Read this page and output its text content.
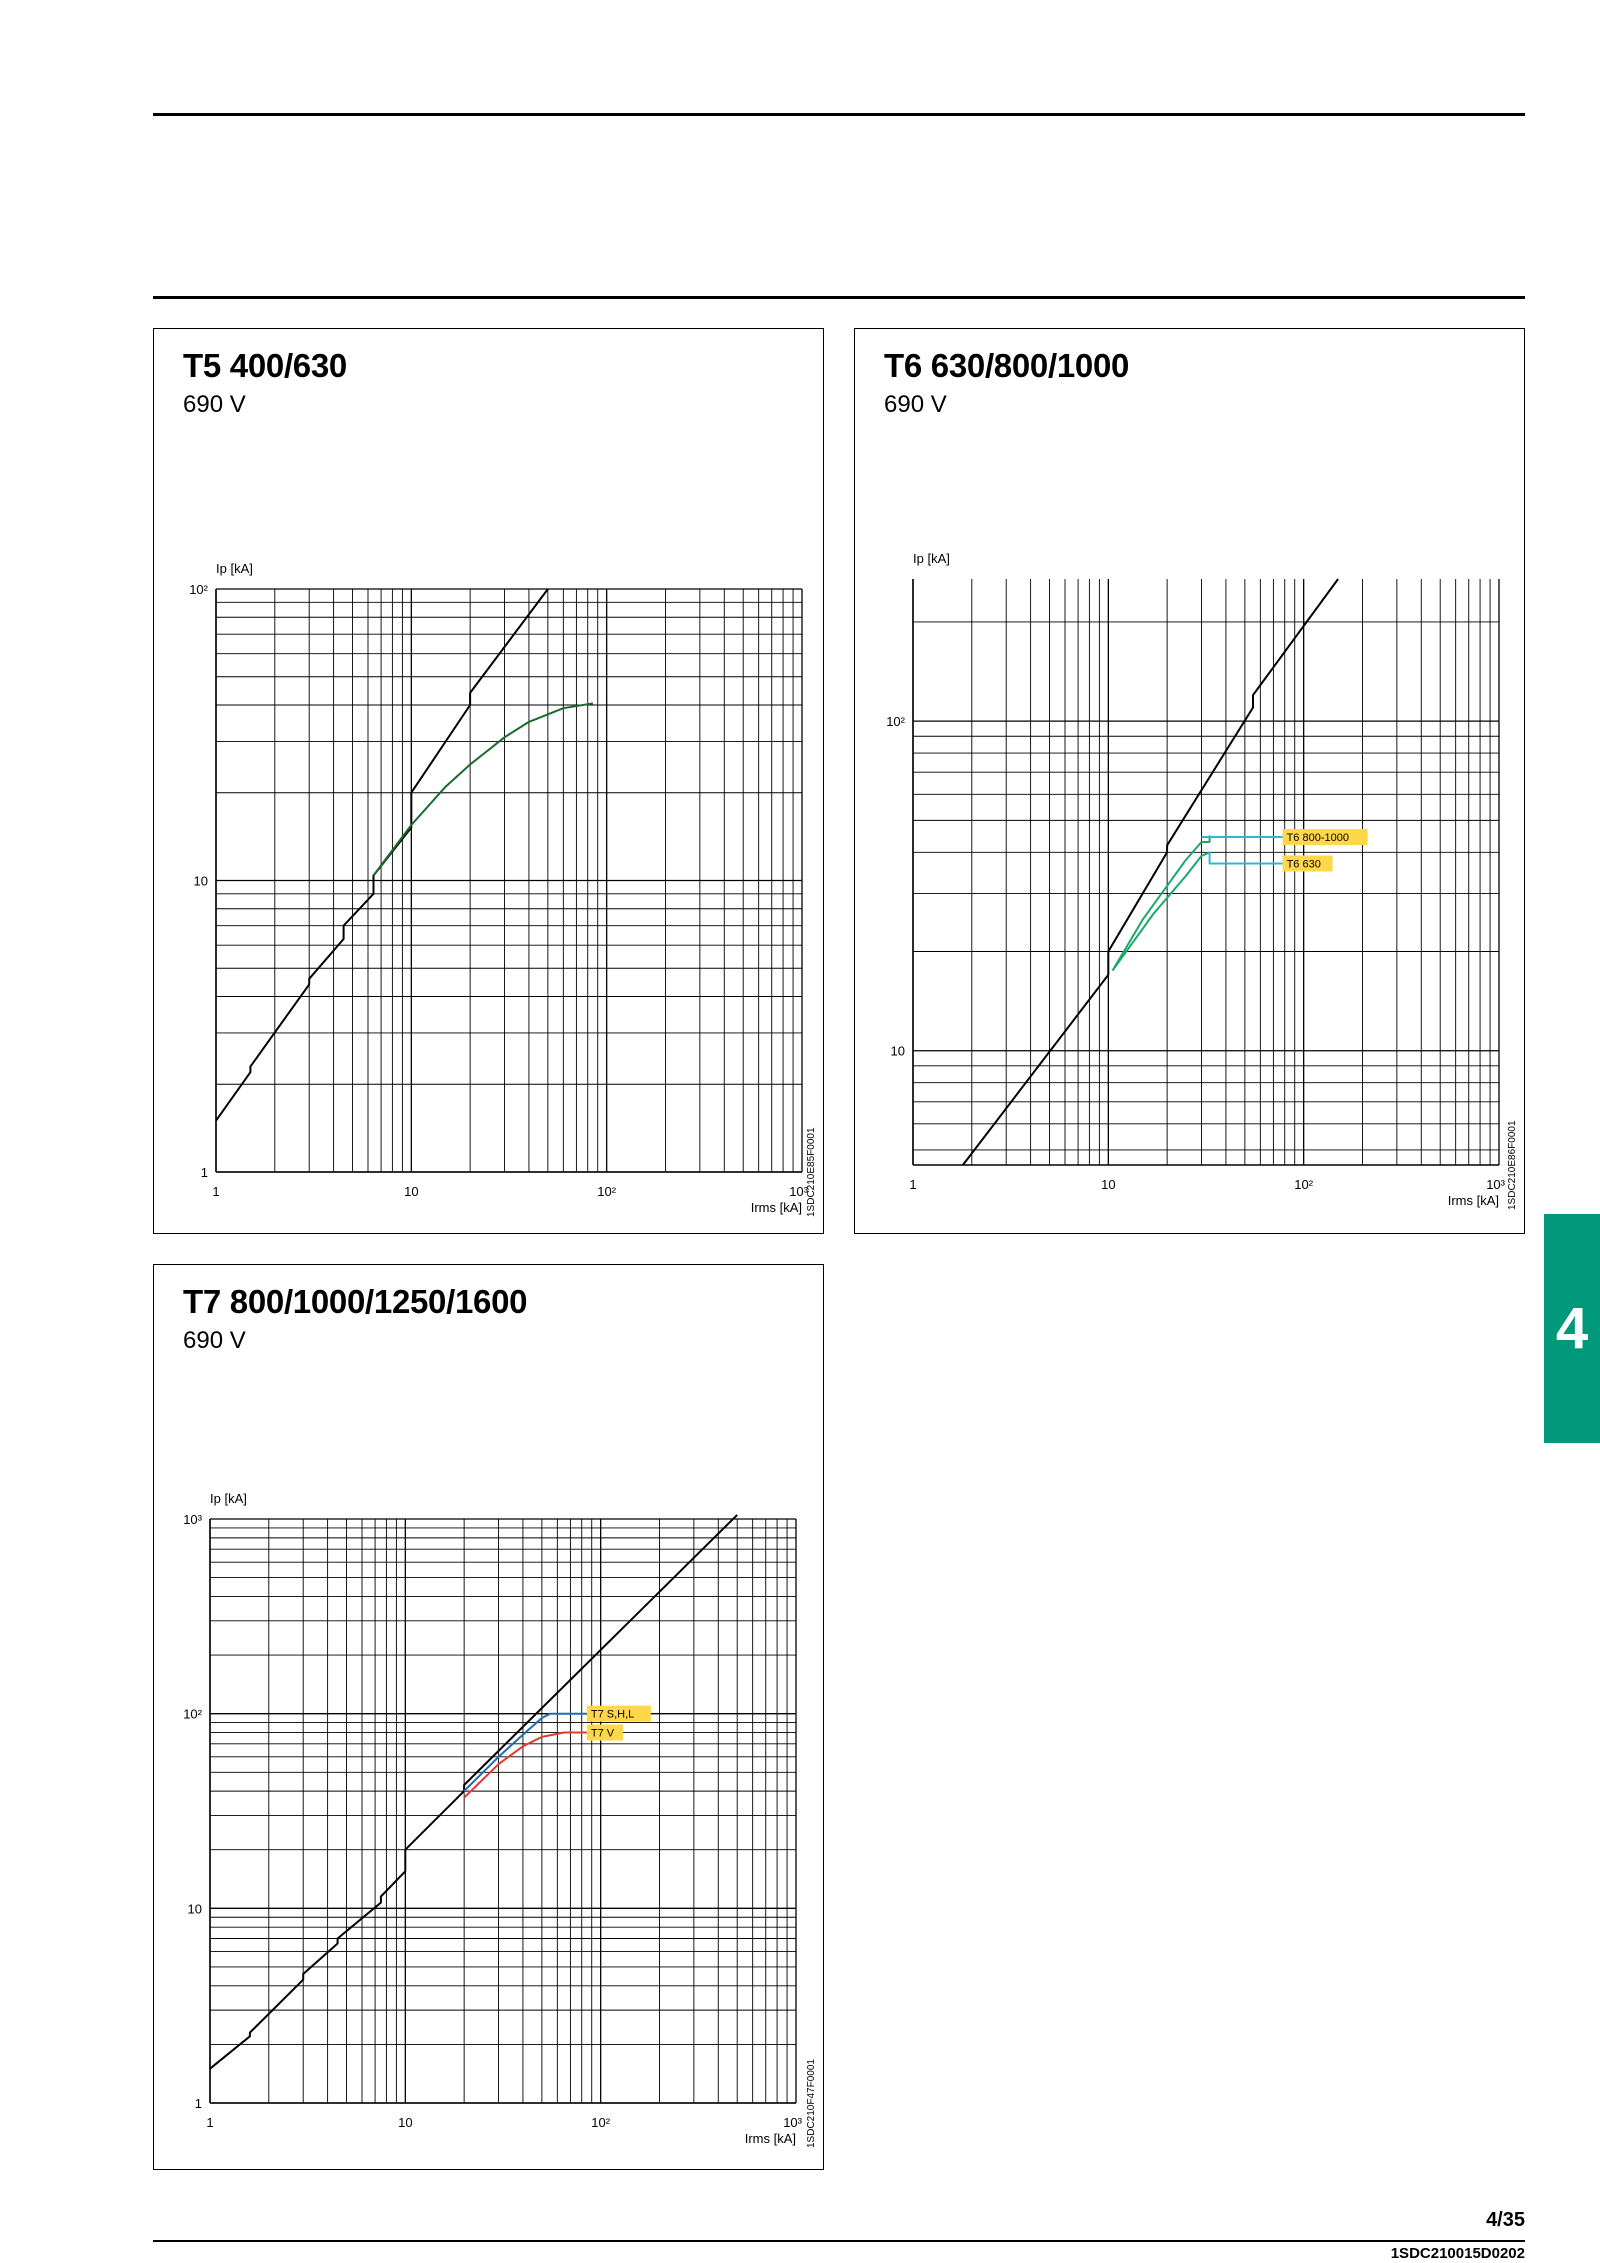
T5 400/630
690 V
1	10	10²	10³
1
10
10²
Ip [kA]
Irms [kA] 1SDC210E85F0001
T6 630/800/1000
690 V
1	10	10²	10³
10
10²
Ip [kA]
Irms [kA] 1SDC210E86F0001
T6 800-1000
T6 630
T7 800/1000/1250/1600
690 V
1	10	10²	10³
1
10
10²
10³
Ip [kA]
Irms [kA] 1SDC210F47F0001
T7 S,H,L
T7 V
4
4/35
1SDC210015D0202
